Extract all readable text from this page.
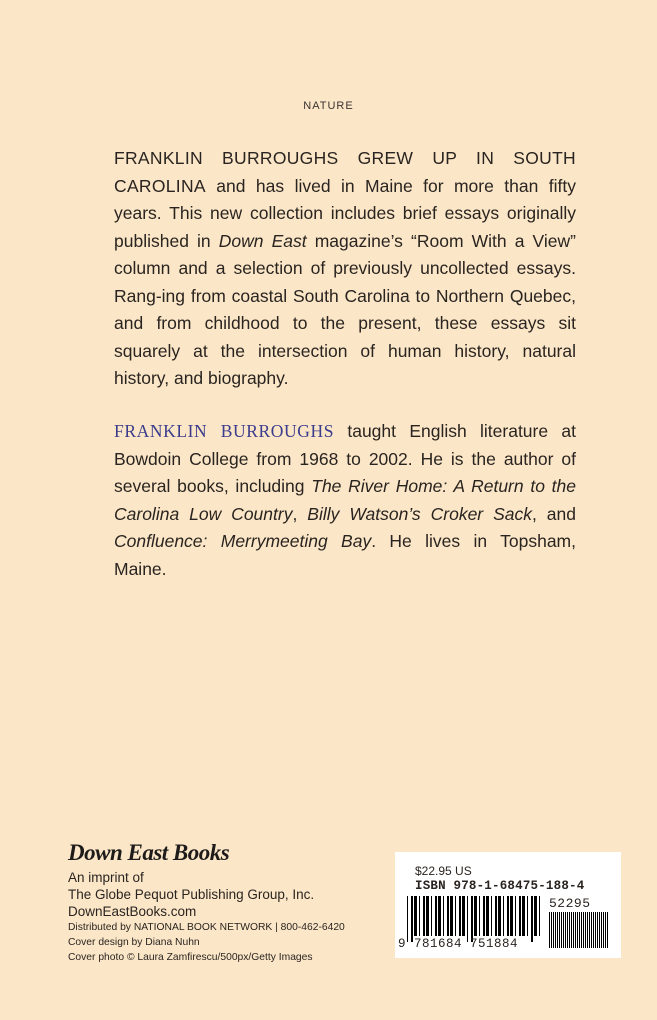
NATURE

FRANKLIN BURROUGHS GREW UP IN SOUTH CAROLINA and has lived in Maine for more than fifty years. This new collection includes brief essays originally published in Down East magazine’s “Room With a View” column and a selection of previously uncollected essays. Rang-ing from coastal South Carolina to Northern Quebec, and from childhood to the present, these essays sit squarely at the intersection of human history, natural history, and biography.

FRANKLIN BURROUGHS taught English literature at Bowdoin College from 1968 to 2002. He is the author of several books, including The River Home: A Return to the Carolina Low Country, Billy Watson’s Croker Sack, and Confluence: Merrymeeting Bay. He lives in Topsham, Maine.

Down East Books
An imprint of
The Globe Pequot Publishing Group, Inc.
DownEastBooks.com
Distributed by NATIONAL BOOK NETWORK | 800-462-6420
Cover design by Diana Nuhn
Cover photo © Laura Zamfirescu/500px/Getty Images
$22.95 US
ISBN 978-1-68475-188-4
52295
9 781684 751884
